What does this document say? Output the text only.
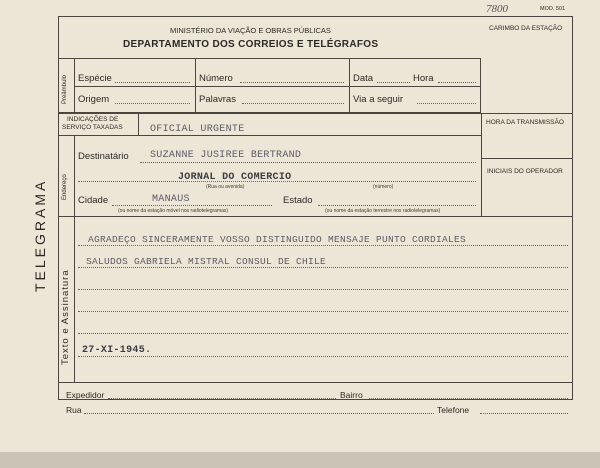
7800	MOD. 501
MINISTÉRIO DA VIAÇÃO E OBRAS PÚBLICAS
DEPARTAMENTO DOS CORREIOS E TELÉGRAFOS
CARIMBO DA ESTAÇÃO
TELEGRAMA
Preâmbulo Espécie	Número	Data	Hora
Origem	Palavras	Via a seguir
HORA DA TRANSMISSÃO
INICIAIS DO OPERADOR
INDICAÇÕES DE
SERVIÇO TAXADAS	OFICIAL URGENTE
Endereço
Destinatário SUZANNE JUSIREE BERTRAND
JORNAL DO COMERCIO
(Rua ou avenida)	(número)
Cidade	MANAUS
(ou nome da estação móvel nos radiotelegramas)
Estado
(ou nome da estação terrestre nos radiotelegramas)
Texto e Assinatura
AGRADEÇO SINCERAMENTE VOSSO DISTINGUIDO MENSAJE PUNTO CORDIALES
SALUDOS GABRIELA MISTRAL CONSUL DE CHILE
27-XI-1945.
Expedidor	Bairro
Rua	Telefone
